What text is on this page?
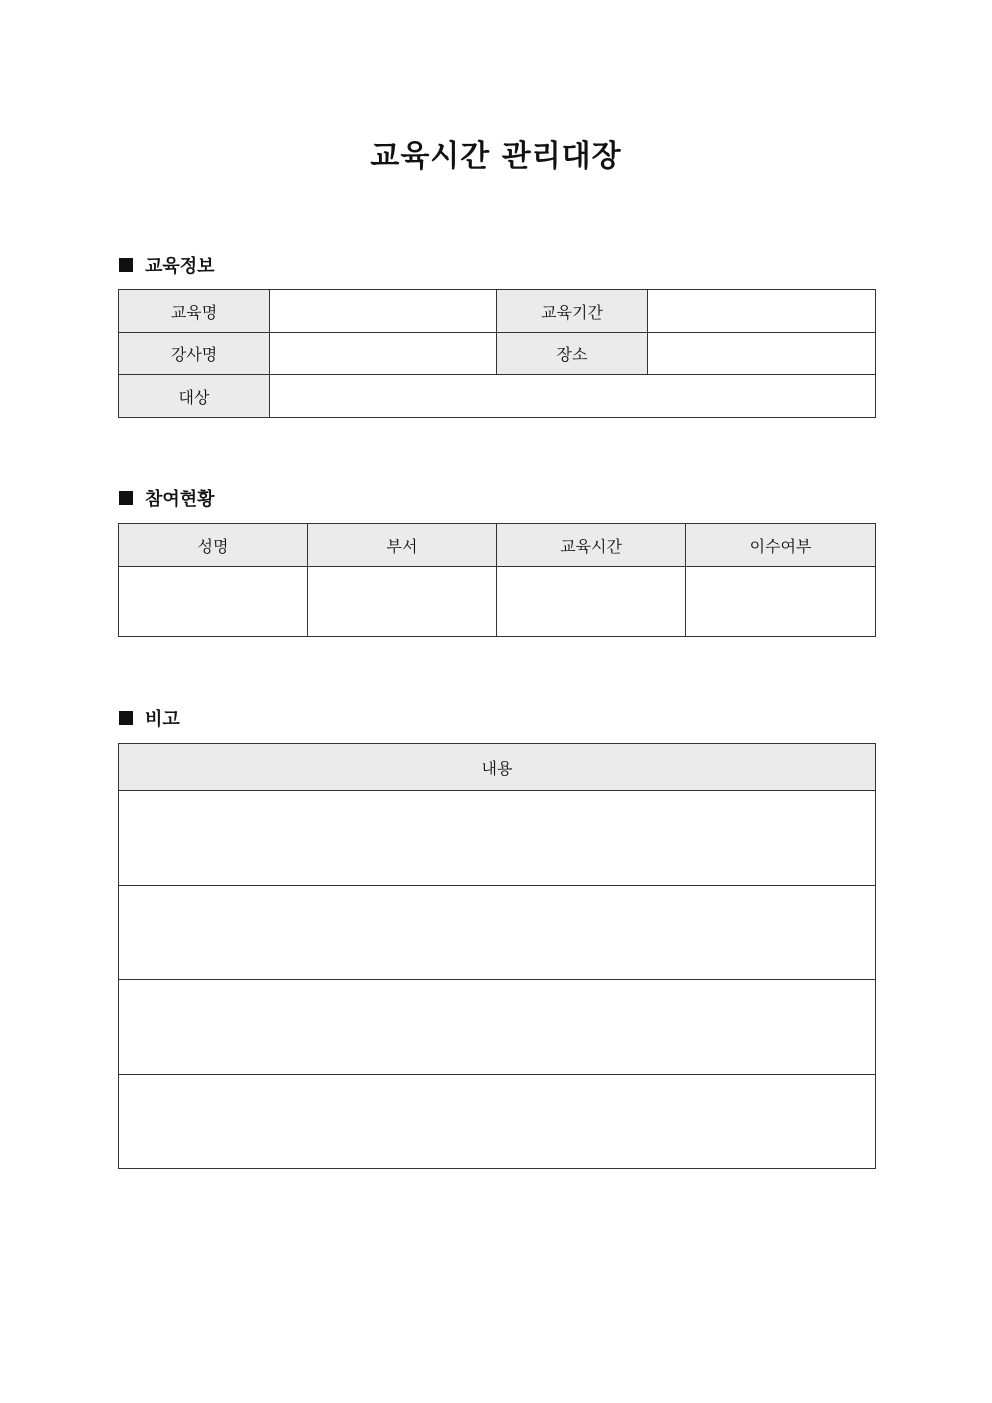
교육시간 관리대장
교육정보
교육명		교육기간	
강사명		장소	
대상			
참여현황
성명	부서	교육시간	이수여부

비고
내용
